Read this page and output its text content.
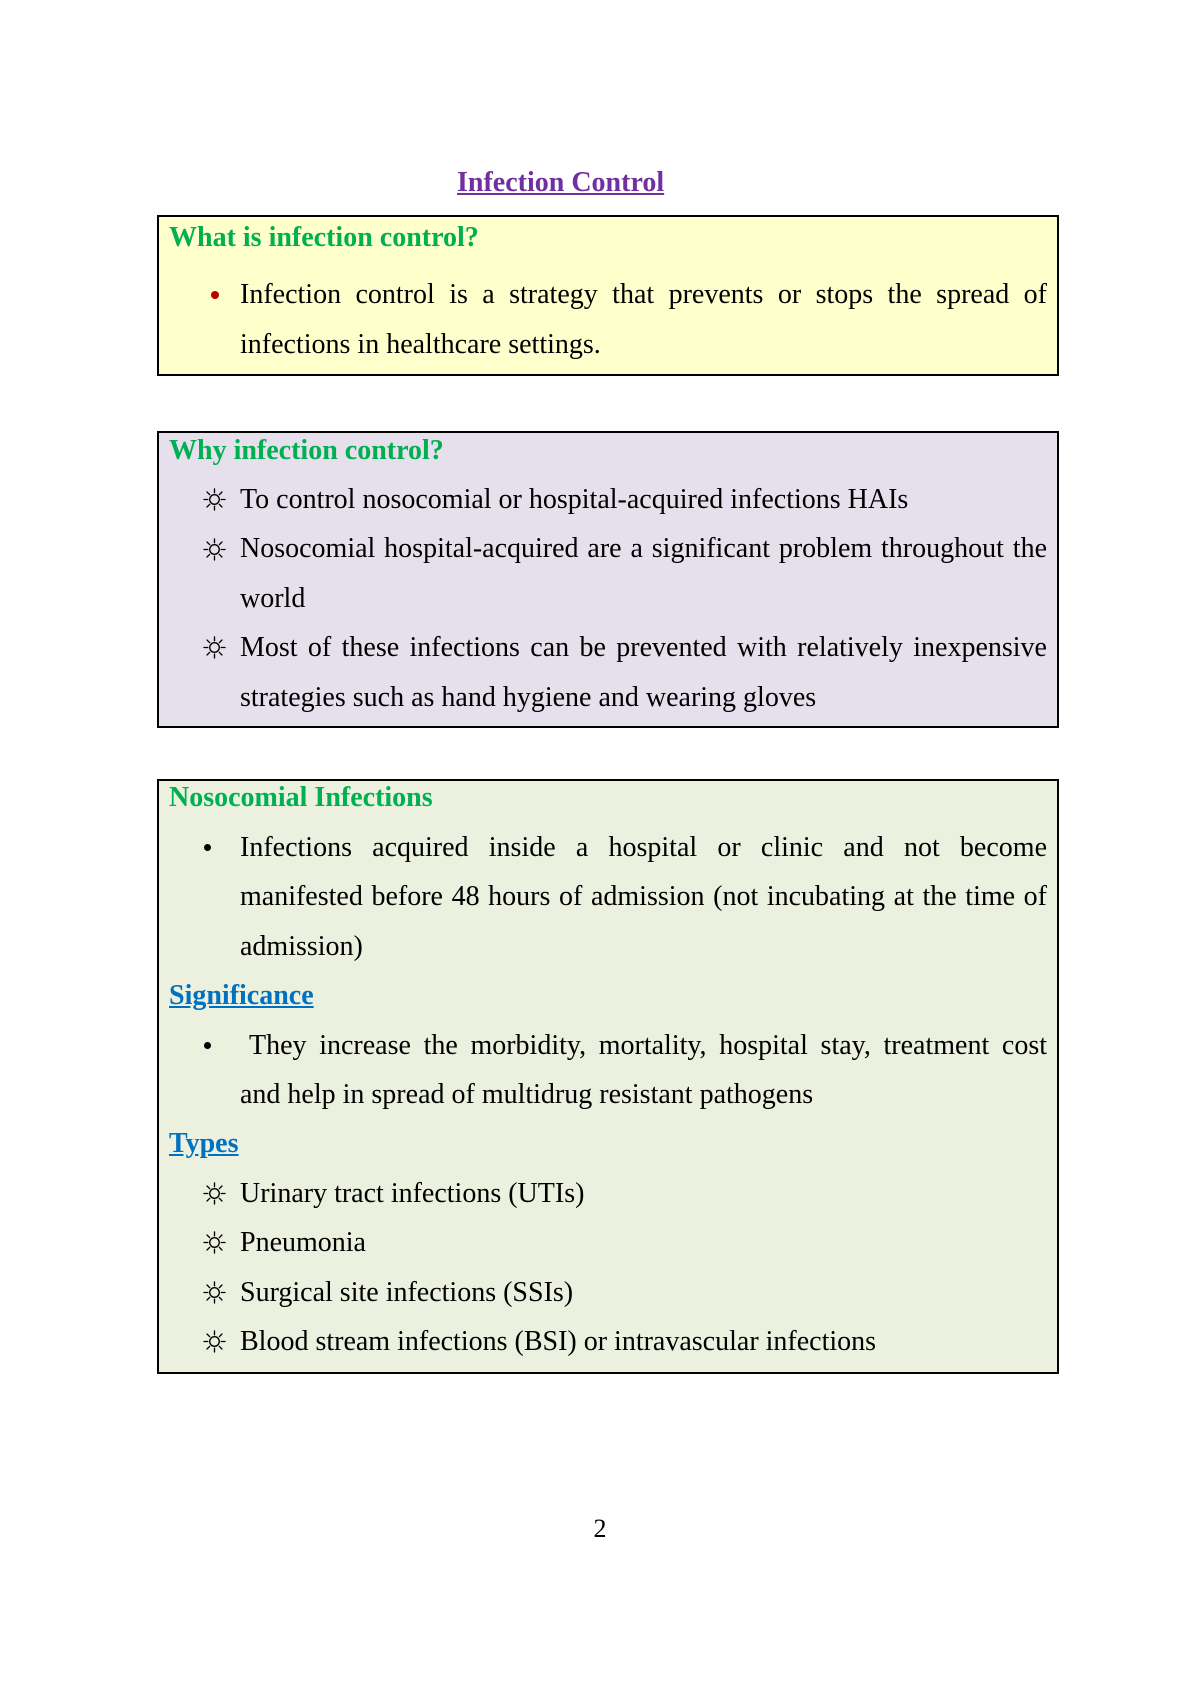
Infection Control
What is infection control?
Infection control is a strategy that prevents or stops the spread of
infections in healthcare settings.
Why infection control?
To control nosocomial or hospital-acquired infections HAIs
Nosocomial hospital-acquired are a significant problem throughout the
world
Most of these infections can be prevented with relatively inexpensive
strategies such as hand hygiene and wearing gloves
Nosocomial Infections
Infections acquired inside a hospital or clinic and not become
manifested before 48 hours of admission (not incubating at the time of
admission)
Significance
They increase the morbidity, mortality, hospital stay, treatment cost
and help in spread of multidrug resistant pathogens
Types
Urinary tract infections (UTIs)
Pneumonia
Surgical site infections (SSIs)
Blood stream infections (BSI) or intravascular infections
2
